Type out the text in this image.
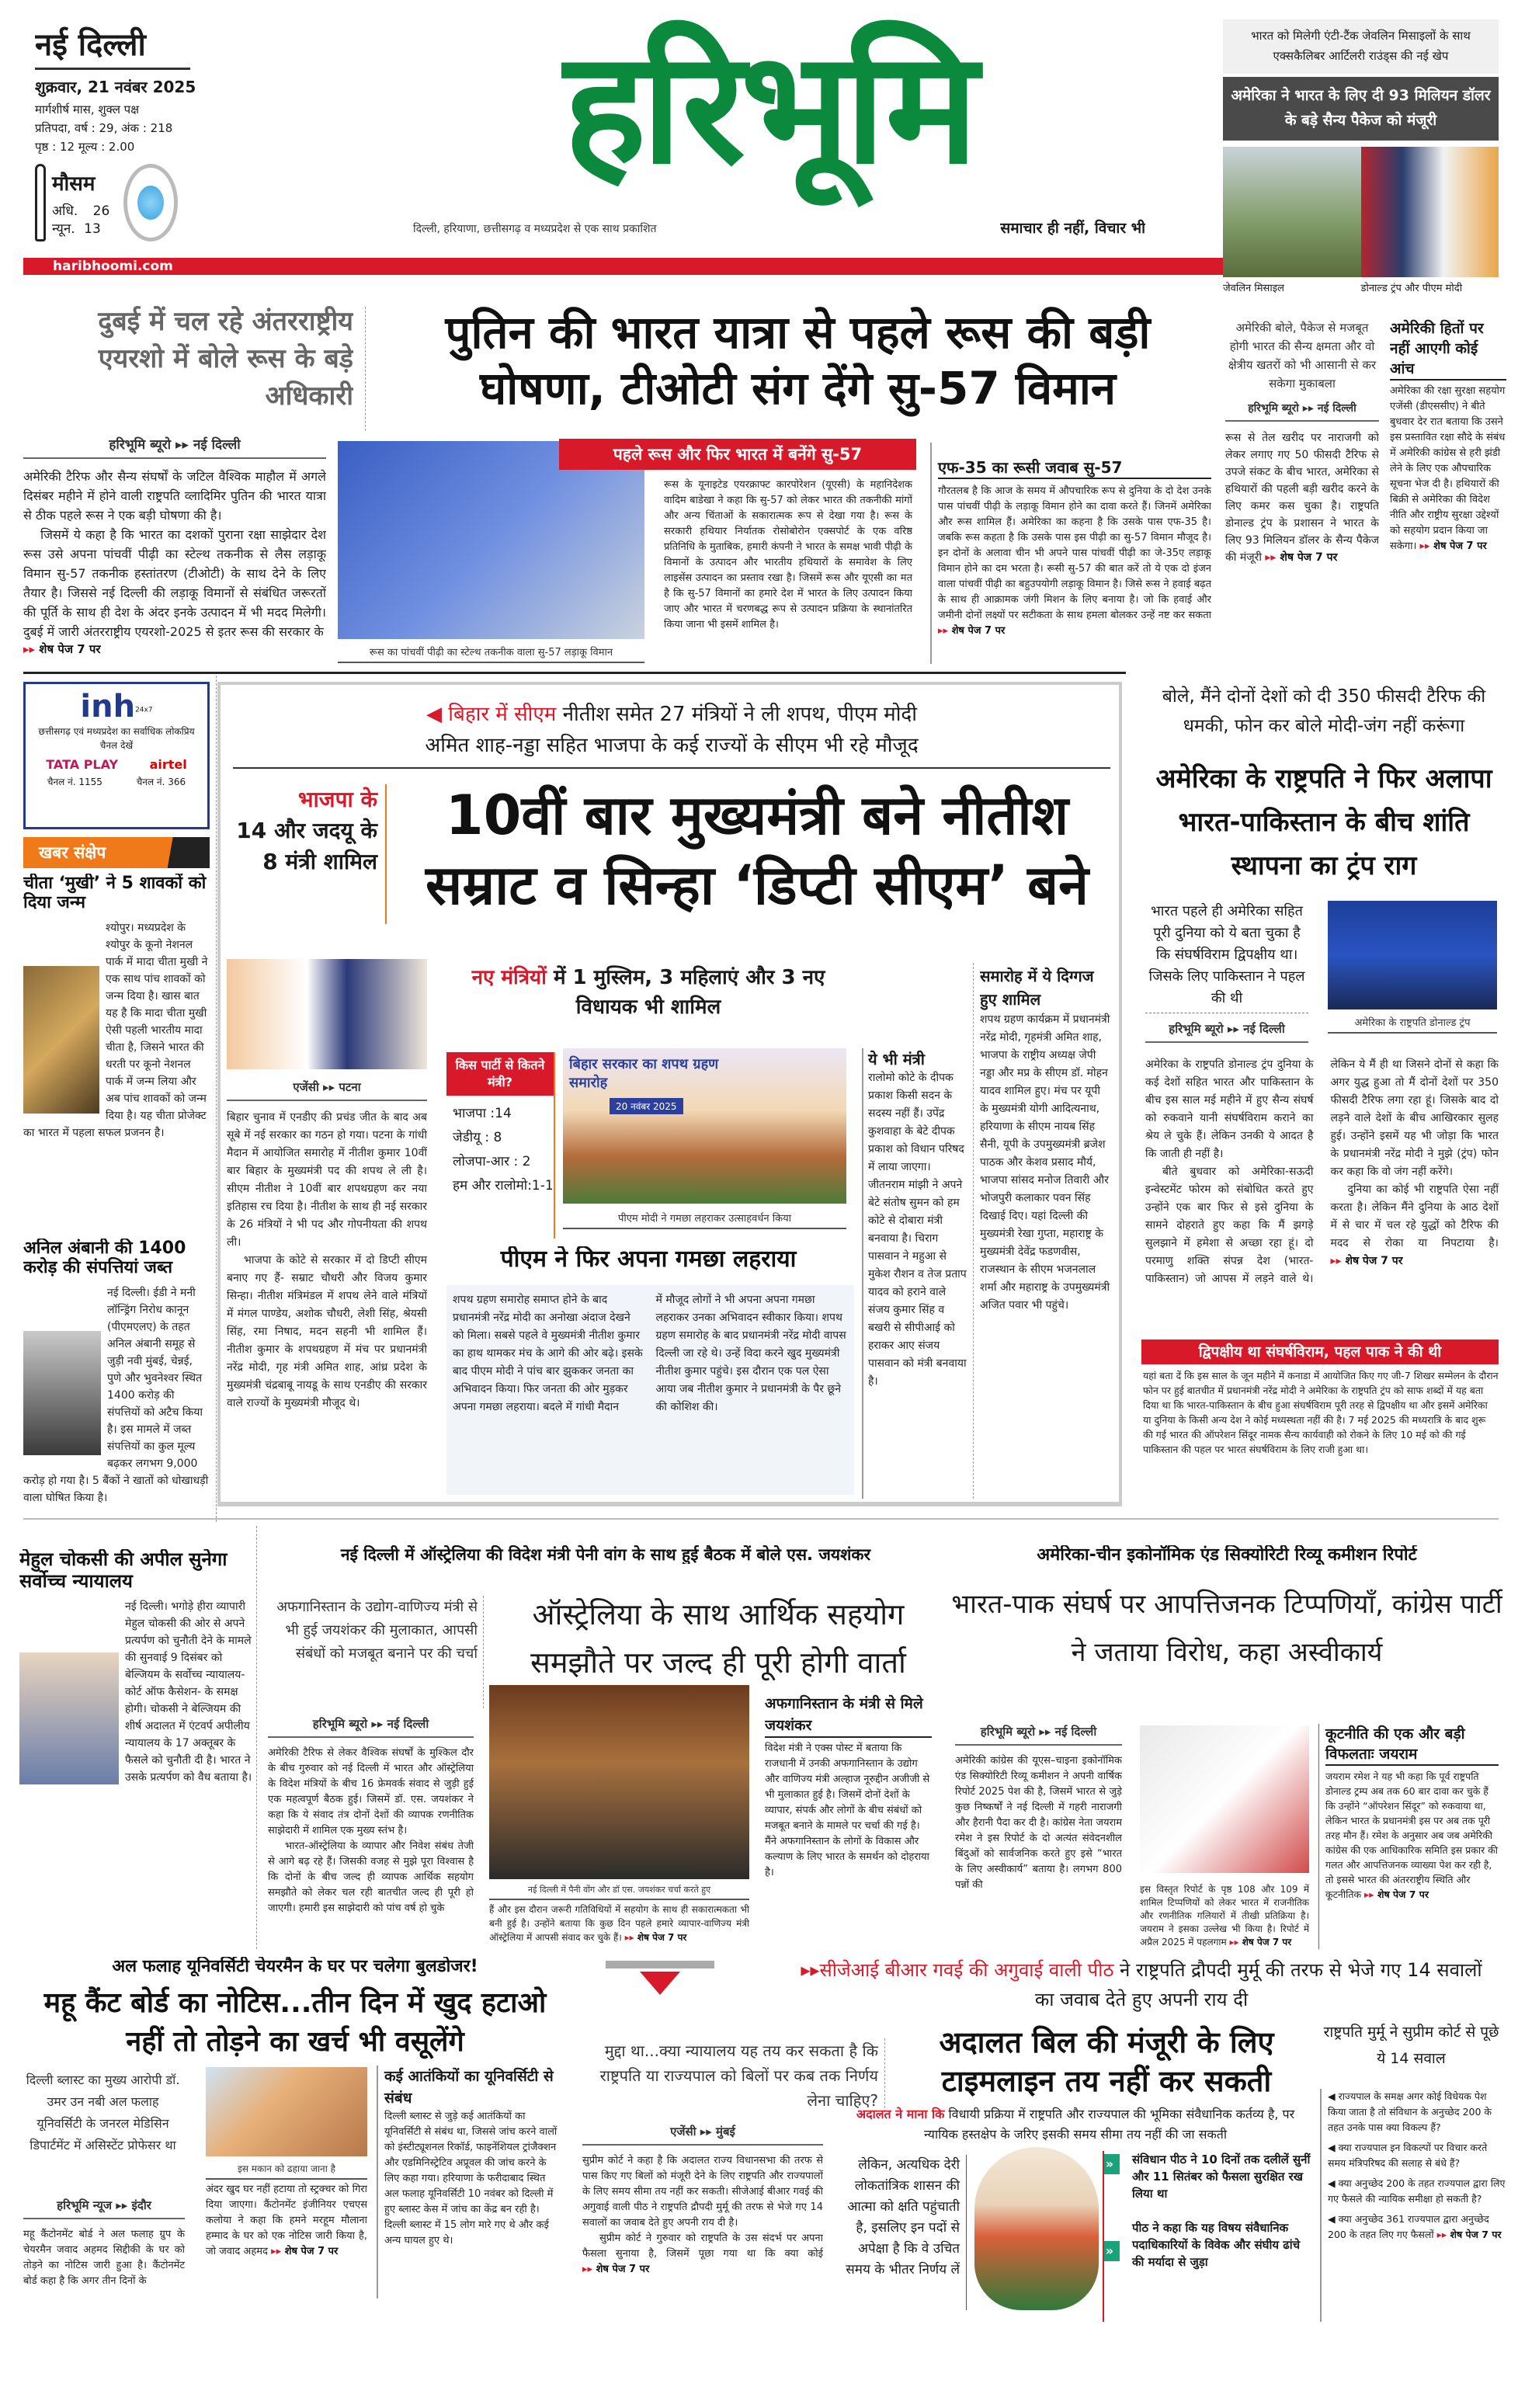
नई दिल्ली
शुक्रवार, 21 नवंबर 2025
मार्गशीर्ष मास, शुक्ल पक्ष
प्रतिपदा, वर्ष : 29, अंक : 218
पृष्ठ : 12 मूल्य : 2.00
मौसम
अधि. 26
न्यून. 13
हरिभूमि
दिल्ली, हरियाणा, छत्तीसगढ़ व मध्यप्रदेश से एक साथ प्रकाशित	समाचार ही नहीं, विचार भी
haribhoomi.com
भारत को मिलेगी एंटी-टैंक जेवलिन मिसाइलों के साथ एक्सकैलिबर आर्टिलरी राउंड्स की नई खेप
अमेरिका ने भारत के लिए दी 93 मिलियन डॉलर के बड़े सैन्य पैकेज को मंजूरी
जेवलिन मिसाइल	डोनाल्ड ट्रंप और पीएम मोदी
दुबई में चल रहे अंतरराष्ट्रीय एयरशो में बोले रूस के बड़े अधिकारी
पुतिन की भारत यात्रा से पहले रूस की बड़ी घोषणा, टीओटी संग देंगे सु-57 विमान
हरिभूमि ब्यूरो ▸▸ नई दिल्ली

अमेरिकी टैरिफ और सैन्य संघर्षों के जटिल वैश्विक माहौल में अगले दिसंबर महीने में होने वाली राष्ट्रपति व्लादिमिर पुतिन की भारत यात्रा से ठीक पहले रूस ने एक बड़ी घोषणा की है।

जिसमें ये कहा है कि भारत का दशकों पुराना रक्षा साझेदार देश रूस उसे अपना पांचवीं पीढ़ी का स्टेल्थ तकनीक से लैस लड़ाकू विमान सु-57 तकनीक हस्तांतरण (टीओटी) के साथ देने के लिए तैयार है। जिससे नई दिल्ली की लड़ाकू विमानों से संबंधित जरूरतों की पूर्ति के साथ ही देश के अंदर इनके उत्पादन में भी मदद मिलेगी। दुबई में जारी अंतरराष्ट्रीय एयरशो-2025 से इतर रूस की सरकार के

▸▸ शेष पेज 7 पर
पहले रूस और फिर भारत में बनेंगे सु-57
रूस का पांचवीं पीढ़ी का स्टेल्थ तकनीक वाला सु-57 लड़ाकू विमान

रूस के यूनाइटेड एयरक्राफ्ट कारपोरेशन (यूएसी) के महानिदेशक वादिम बाडेखा ने कहा कि सु-57 को लेकर भारत की तकनीकी मांगों और अन्य चिंताओं के सकारात्मक रूप से देखा गया है। रूस के सरकारी हथियार निर्यातक रोसोबोरोन एक्सपोर्ट के एक वरिष्ठ प्रतिनिधि के मुताबिक, हमारी कंपनी ने भारत के समक्ष भावी पीढ़ी के विमानों के उत्पादन और भारतीय हथियारों के समावेश के लिए लाइसेंस उत्पादन का प्रस्ताव रखा है। जिसमें रूस और यूएसी का मत है कि सु-57 विमानों का हमारे देश में भारत के लिए उत्पादन किया जाए और भारत में चरणबद्ध रूप से उत्पादन प्रक्रिया के स्थानांतरित किया जाना भी इसमें शामिल है।

एफ-35 का रूसी जवाब सु-57
गौरतलब है कि आज के समय में औपचारिक रूप से दुनिया के दो देश उनके पास पांचवीं पीढ़ी के लड़ाकू विमान होने का दावा करते हैं। जिनमें अमेरिका और रूस शामिल हैं। अमेरिका का कहना है कि उसके पास एफ-35 है। जबकि रूस कहता है कि उसके पास इस पीढ़ी का सु-57 विमान मौजूद है। इन दोनों के अलावा चीन भी अपने पास पांचवीं पीढ़ी का जे-35ए लड़ाकू विमान होने का दम भरता है। रूसी सु-57 की बात करें तो ये एक दो इंजन वाला पांचवीं पीढ़ी का बहुउपयोगी लड़ाकू विमान है। जिसे रूस ने हवाई बढ़त के साथ ही आक्रामक जंगी मिशन के लिए बनाया है। जो कि हवाई और जमीनी दोनों लक्ष्यों पर सटीकता के साथ हमला बोलकर उन्हें नष्ट कर सकता ▸▸ शेष पेज 7 पर
अमेरिकी बोले, पैकेज से मजबूत होगी भारत की सैन्य क्षमता और वो क्षेत्रीय खतरों को भी आसानी से कर सकेगा मुकाबला
हरिभूमि ब्यूरो ▸▸ नई दिल्ली
रूस से तेल खरीद पर नाराजगी को लेकर लगाए गए 50 फीसदी टैरिफ से उपजे संकट के बीच भारत, अमेरिका से हथियारों की पहली बड़ी खरीद करने के लिए कमर कस चुका है। राष्ट्रपति डोनाल्ड ट्रंप के प्रशासन ने भारत के लिए 93 मिलियन डॉलर के सैन्य पैकेज की मंजूरी ▸▸ शेष पेज 7 पर
अमेरिकी हितों पर नहीं आएगी कोई आंच
अमेरिका की रक्षा सुरक्षा सहयोग एजेंसी (डीएससीए) ने बीते बुधवार देर रात बताया कि उसने इस प्रस्तावित रक्षा सौदे के संबंध में अमेरिकी कांग्रेस से हरी झंडी लेने के लिए एक औपचारिक सूचना भेज दी है। हथियारों की बिक्री से अमेरिका की विदेश नीति और राष्ट्रीय सुरक्षा उद्देश्यों को सहयोग प्रदान किया जा सकेगा। ▸▸ शेष पेज 7 पर
inh$^{24x7}$
छत्तीसगढ़ एवं मध्यप्रदेश का सर्वाधिक लोकप्रिय चैनल देखें
TATA PLAY	airtel
चैनल नं. 1155	चैनल नं. 366
खबर संक्षेप
चीता ‘मुखी’ ने 5 शावकों को दिया जन्म
श्योपुर। मध्यप्रदेश के श्योपुर के कूनो नेशनल पार्क में मादा चीता मुखी ने एक साथ पांच शावकों को जन्म दिया है। खास बात यह है कि मादा चीता मुखी ऐसी पहली भारतीय मादा चीता है, जिसने भारत की धरती पर कूनो नेशनल पार्क में जन्म लिया और अब पांच शावकों को जन्म दिया है। यह चीता प्रोजेक्ट का भारत में पहला सफल प्रजनन है।
अनिल अंबानी की 1400 करोड़ की संपत्तियां जब्त
नई दिल्ली। ईडी ने मनी लॉन्ड्रिंग निरोध कानून (पीएमएलए) के तहत अनिल अंबानी समूह से जुड़ी नवी मुंबई, चेन्नई, पुणे और भुवनेश्वर स्थित 1400 करोड़ की संपत्तियों को अटैच किया है। इस मामले में जब्त संपत्तियों का कुल मूल्य बढ़कर लगभग 9,000 करोड़ हो गया है। 5 बैंकों ने खातों को धोखाधड़ी वाला घोषित किया है।
◀ बिहार में सीएम नीतीश समेत 27 मंत्रियों ने ली शपथ, पीएम मोदी
अमित शाह-नड्डा सहित भाजपा के कई राज्यों के सीएम भी रहे मौजूद
भाजपा के
14 और जदयू के 8 मंत्री शामिल
10वीं बार मुख्यमंत्री बने नीतीश सम्राट व सिन्हा ‘डिप्टी सीएम’ बने
एजेंसी ▸▸ पटना

बिहार चुनाव में एनडीए की प्रचंड जीत के बाद अब सूबे में नई सरकार का गठन हो गया। पटना के गांधी मैदान में आयोजित समारोह में नीतीश कुमार 10वीं बार बिहार के मुख्यमंत्री पद की शपथ ले ली है। सीएम नीतीश ने 10वीं बार शपथग्रहण कर नया इतिहास रच दिया है। नीतीश के साथ ही नई सरकार के 26 मंत्रियों ने भी पद और गोपनीयता की शपथ ली।

भाजपा के कोटे से सरकार में दो डिप्टी सीएम बनाए गए हैं- सम्राट चौधरी और विजय कुमार सिन्हा। नीतीश मंत्रिमंडल में शपथ लेने वाले मंत्रियों में मंगल पाण्डेय, अशोक चौधरी, लेशी सिंह, श्रेयसी सिंह, रमा निषाद, मदन सहनी भी शामिल हैं। नीतीश कुमार के शपथग्रहण में मंच पर प्रधानमंत्री नरेंद्र मोदी, गृह मंत्री अमित शाह, आंध्र प्रदेश के मुख्यमंत्री चंद्रबाबू नायडू के साथ एनडीए की सरकार वाले राज्यों के मुख्यमंत्री मौजूद थे।

नए मंत्रियों में 1 मुस्लिम, 3 महिलाएं और 3 नए विधायक भी शामिल
किस पार्टी से कितने मंत्री?
भाजपा :14
जेडीयू : 8
लोजपा-आर : 2
हम और रालोमो:1-1
बिहार सरकार का शपथ ग्रहण समारोह
20 नवंबर 2025
पीएम मोदी ने गमछा लहराकर उत्साहवर्धन किया
पीएम ने फिर अपना गमछा लहराया
शपथ ग्रहण समारोह समाप्त होने के बाद प्रधानमंत्री नरेंद्र मोदी का अनोखा अंदाज देखने को मिला। सबसे पहले वे मुख्यमंत्री नीतीश कुमार का हाथ थामकर मंच के आगे की ओर बढ़े। इसके बाद पीएम मोदी ने पांच बार झुककर जनता का अभिवादन किया। फिर जनता की ओर मुड़कर अपना गमछा लहराया। बदले में गांधी मैदान
में मौजूद लोगों ने भी अपना अपना गमछा लहराकर उनका अभिवादन स्वीकार किया। शपथ ग्रहण समारोह के बाद प्रधानमंत्री नरेंद्र मोदी वापस दिल्ली जा रहे थे। उन्हें विदा करने खुद मुख्यमंत्री नीतीश कुमार पहुंचे। इस दौरान एक पल ऐसा आया जब नीतीश कुमार ने प्रधानमंत्री के पैर छूने की कोशिश की।
ये भी मंत्री
रालोमो कोटे के दीपक प्रकाश किसी सदन के सदस्य नहीं हैं। उपेंद्र कुशवाहा के बेटे दीपक प्रकाश को विधान परिषद में लाया जाएगा। जीतनराम मांझी ने अपने बेटे संतोष सुमन को हम कोटे से दोबारा मंत्री बनवाया है। चिराग पासवान ने महुआ से मुकेश रौशन व तेज प्रताप यादव को हराने वाले संजय कुमार सिंह व बखरी से सीपीआई को हराकर आए संजय पासवान को मंत्री बनवाया है।
समारोह में ये दिग्गज हुए शामिल
शपथ ग्रहण कार्यक्रम में प्रधानमंत्री नरेंद्र मोदी, गृहमंत्री अमित शाह, भाजपा के राष्ट्रीय अध्यक्ष जेपी नड्डा और मप्र के सीएम डॉ. मोहन यादव शामिल हुए। मंच पर यूपी के मुख्यमंत्री योगी आदित्यनाथ, हरियाणा के सीएम नायब सिंह सैनी, यूपी के उपमुख्यमंत्री ब्रजेश पाठक और केशव प्रसाद मौर्य, भाजपा सांसद मनोज तिवारी और भोजपुरी कलाकार पवन सिंह दिखाई दिए। यहां दिल्ली की मुख्यमंत्री रेखा गुप्ता, महाराष्ट्र के मुख्यमंत्री देवेंद्र फडणवीस, राजस्थान के सीएम भजनलाल शर्मा और महाराष्ट्र के उपमुख्यमंत्री अजित पवार भी पहुंचे।
बोले, मैंने दोनों देशों को दी 350 फीसदी टैरिफ की धमकी, फोन कर बोले मोदी-जंग नहीं करूंगा
अमेरिका के राष्ट्रपति ने फिर अलापा भारत-पाकिस्तान के बीच शांति स्थापना का ट्रंप राग
भारत पहले ही अमेरिका सहित पूरी दुनिया को ये बता चुका है कि संघर्षविराम द्विपक्षीय था। जिसके लिए पाकिस्तान ने पहल की थी
अमेरिका के राष्ट्रपति डोनाल्ड ट्रंप
हरिभूमि ब्यूरो ▸▸ नई दिल्ली

अमेरिका के राष्ट्रपति डोनाल्ड ट्रंप दुनिया के कई देशों सहित भारत और पाकिस्तान के बीच इस साल मई महीने में हुए सैन्य संघर्ष को रुकवाने यानी संघर्षविराम कराने का श्रेय ले चुके हैं। लेकिन उनकी ये आदत है कि जाती ही नहीं है।

बीते बुधवार को अमेरिका-सऊदी इन्वेस्टमेंट फोरम को संबोधित करते हुए उन्होंने एक बार फिर से इसे दुनिया के सामने दोहराते हुए कहा कि मैं झगड़े सुलझाने में हमेशा से अच्छा रहा हूं। दो परमाणु शक्ति संपन्न देश (भारत-पाकिस्तान) जो आपस में लड़ने वाले थे। लेकिन ये मैं ही था जिसने दोनों से कहा कि अगर युद्ध हुआ तो मैं दोनों देशों पर 350 फीसदी टैरिफ लगा रहा हूं। जिसके बाद दो लड़ने वाले देशों के बीच आखिरकार सुलह हुई। उन्होंने इसमें यह भी जोड़ा कि भारत के प्रधानमंत्री नरेंद्र मोदी ने मुझे (ट्रंप) फोन कर कहा कि वो जंग नहीं करेंगे।

दुनिया का कोई भी राष्ट्रपति ऐसा नहीं करता है। लेकिन मैंने दुनिया के आठ देशों में से चार में चल रहे युद्धों को टैरिफ की मदद से रोका या निपटाया है। ▸▸ शेष पेज 7 पर

द्विपक्षीय था संघर्षविराम, पहल पाक ने की थी
यहां बता दें कि इस साल के जून महीने में कनाडा में आयोजित किए गए जी-7 शिखर सम्मेलन के दौरान फोन पर हुई बातचीत में प्रधानमंत्री नरेंद्र मोदी ने अमेरिका के राष्ट्रपति ट्रंप को साफ शब्दों में यह बता दिया था कि भारत-पाकिस्तान के बीच हुआ संघर्षविराम पूरी तरह से द्विपक्षीय था और इसमें अमेरिका या दुनिया के किसी अन्य देश ने कोई मध्यस्थता नहीं की है। 7 मई 2025 की मध्यरात्रि के बाद शुरू की गई भारत की ऑपरेशन सिंदूर नामक सैन्य कार्यवाही को रोकने के लिए 10 मई को की गई पाकिस्तान की पहल पर भारत संघर्षविराम के लिए राजी हुआ था।
मेहुल चोकसी की अपील सुनेगा सर्वोच्च न्यायालय
नई दिल्ली। भगोड़े हीरा व्यापारी मेहुल चोकसी की ओर से अपने प्रत्यर्पण को चुनौती देने के मामले की सुनवाई 9 दिसंबर को बेल्जियम के सर्वोच्च न्यायालय- कोर्ट ऑफ कैसेशन- के समक्ष होगी। चोकसी ने बेल्जियम की शीर्ष अदालत में एंटवर्प अपीलीय न्यायालय के 17 अक्तूबर के फैसले को चुनौती दी है। भारत ने उसके प्रत्यर्पण को वैध बताया है।
नई दिल्ली में ऑस्ट्रेलिया की विदेश मंत्री पेनी वांग के साथ हुई बैठक में बोले एस. जयशंकर
अफगानिस्तान के उद्योग-वाणिज्य मंत्री से भी हुई जयशंकर की मुलाकात, आपसी संबंधों को मजबूत बनाने पर की चर्चा
ऑस्ट्रेलिया के साथ आर्थिक सहयोग समझौते पर जल्द ही पूरी होगी वार्ता
हरिभूमि ब्यूरो ▸▸ नई दिल्ली

अमेरिकी टैरिफ से लेकर वैश्विक संघर्षों के मुश्किल दौर के बीच गुरुवार को नई दिल्ली में भारत और ऑस्ट्रेलिया के विदेश मंत्रियों के बीच 16 फ्रेमवर्क संवाद से जुड़ी हुई एक महत्वपूर्ण बैठक हुई। जिसमें डॉ. एस. जयशंकर ने कहा कि ये संवाद तंत्र दोनों देशों की व्यापक रणनीतिक साझेदारी में शामिल एक मुख्य स्तंभ है।

भारत-ऑस्ट्रेलिया के व्यापार और निवेश संबंध तेजी से आगे बढ़ रहे हैं। जिसकी वजह से मुझे पूरा विश्वास है कि दोनों के बीच जल्द ही व्यापक आर्थिक सहयोग समझौते को लेकर चल रही बातचीत जल्द ही पूरी हो जाएगी। हमारी इस साझेदारी को पांच वर्ष हो चुके

नई दिल्ली में पैनी वोंग और डॉ एस. जयशंकर चर्चा करते हुए
हैं और इस दौरान जरूरी गतिविधियों में सहयोग के साथ ही सकारात्मकता भी बनी हुई है। उन्होंने बताया कि कुछ दिन पहले हमारे व्यापार-वाणिज्य मंत्री ऑस्ट्रेलिया में आपसी संवाद कर चुके हैं। ▸▸ शेष पेज 7 पर
अफगानिस्तान के मंत्री से मिले जयशंकर
विदेश मंत्री ने एक्स पोस्ट में बताया कि राजधानी में उनकी अफगानिस्तान के उद्योग और वाणिज्य मंत्री अल्हाज नूरुद्दीन अजीजी से भी मुलाकात हुई है। जिसमें दोनों देशों के व्यापार, संपर्क और लोगों के बीच संबंधों को मजबूत बनाने के मामले पर चर्चा की गई है। मैंने अफगानिस्तान के लोगों के विकास और कल्याण के लिए भारत के समर्थन को दोहराया है।
अमेरिका-चीन इकोनॉमिक एंड सिक्योरिटी रिव्यू कमीशन रिपोर्ट
भारत-पाक संघर्ष पर आपत्तिजनक टिप्पणियाँ, कांग्रेस पार्टी ने जताया विरोध, कहा अस्वीकार्य
हरिभूमि ब्यूरो ▸▸ नई दिल्ली
अमेरिकी कांग्रेस की यूएस–चाइना इकोनॉमिक एंड सिक्योरिटी रिव्यू कमीशन ने अपनी वार्षिक रिपोर्ट 2025 पेश की है, जिसमें भारत से जुड़े कुछ निष्कर्षों ने नई दिल्ली में गहरी नाराजगी और हैरानी पैदा कर दी है। कांग्रेस नेता जयराम रमेश ने इस रिपोर्ट के दो अत्यंत संवेदनशील बिंदुओं को सार्वजनिक करते हुए इसे “भारत के लिए अस्वीकार्य” बताया है। लगभग 800 पन्नों की	इस विस्तृत रिपोर्ट के पृष्ठ 108 और 109 में शामिल टिप्पणियों को लेकर भारत में राजनीतिक और रणनीतिक गलियारों में तीखी प्रतिक्रिया है। जयराम ने इसका उल्लेख भी किया है। रिपोर्ट में अप्रैल 2025 में पहलगाम ▸▸ शेष पेज 7 पर
कूटनीति की एक और बड़ी विफलताः जयराम
जयराम रमेश ने यह भी कहा कि पूर्व राष्ट्रपति डोनाल्ड ट्रम्प अब तक 60 बार दावा कर चुके हैं कि उन्होंने “ऑपरेशन सिंदूर” को रुकवाया था, लेकिन भारत के प्रधानमंत्री इस पर अब तक पूरी तरह मौन हैं। रमेश के अनुसार अब जब अमेरिकी कांग्रेस की एक आधिकारिक समिति इस प्रकार की गलत और आपत्तिजनक व्याख्या पेश कर रही है, तो इससे भारत की अंतरराष्ट्रीय स्थिति और कूटनीतिक ▸▸ शेष पेज 7 पर
अल फलाह यूनिवर्सिटी चेयरमैन के घर पर चलेगा बुलडोजर!
महू कैंट बोर्ड का नोटिस...तीन दिन में खुद हटाओ नहीं तो तोड़ने का खर्च भी वसूलेंगे
दिल्ली ब्लास्ट का मुख्य आरोपी डॉ. उमर उन नबी अल फलाह यूनिवर्सिटी के जनरल मेडिसिन डिपार्टमेंट में असिस्टेंट प्रोफेसर था
हरिभूमि न्यूज ▸▸ इंदौर
महू कैंटोनमेंट बोर्ड ने अल फलाह ग्रुप के चेयरमैन जवाद अहमद सिद्दीकी के घर को तोड़ने का नोटिस जारी हुआ है। कैंटोनमेंट बोर्ड कहा है कि अगर तीन दिनों के
इस मकान को ढहाया जाना है
अंदर खुद घर नहीं हटाया तो स्ट्रक्चर को गिरा दिया जाएगा। कैंटोनमेंट इंजीनियर एचएस कलोया ने कहा कि हमने मरहूम मौलाना हम्माद के घर को एक नोटिस जारी किया है, जो जवाद अहमद ▸▸ शेष पेज 7 पर
कई आतंकियों का यूनिवर्सिटी से संबंध
दिल्ली ब्लास्ट से जुड़े कई आतंकियों का यूनिवर्सिटी से संबंध था, जिससे जांच करने वालों को इंस्टीट्यूशनल रिकॉर्ड, फाइनेंशियल ट्रांजैक्शन और एडमिनिस्ट्रेटिव अप्रूवल की जांच करने के लिए कहा गया। हरियाणा के फरीदाबाद स्थित अल फलाह यूनिवर्सिटी 10 नवंबर को दिल्ली में हुए ब्लास्ट केस में जांच का केंद्र बन रही है। दिल्ली ब्लास्ट में 15 लोग मारे गए थे और कई अन्य घायल हुए थे।
▸▸सीजेआई बीआर गवई की अगुवाई वाली पीठ ने राष्ट्रपति द्रौपदी मुर्मू की तरफ से भेजे गए 14 सवालों का जवाब देते हुए अपनी राय दी
मुद्दा था...क्या न्यायालय यह तय कर सकता है कि राष्ट्रपति या राज्यपाल को बिलों पर कब तक निर्णय लेना चाहिए?
एजेंसी ▸▸ मुंबई

सुप्रीम कोर्ट ने कहा है कि अदालत राज्य विधानसभा की तरफ से पास किए गए बिलों को मंजूरी देने के लिए राष्ट्रपति और राज्यपालों के लिए समय सीमा तय नहीं कर सकती। सीजेआई बीआर गवई की अगुवाई वाली पीठ ने राष्ट्रपति द्रौपदी मुर्मू की तरफ से भेजे गए 14 सवालों का जवाब देते हुए अपनी राय दी है।

सुप्रीम कोर्ट ने गुरुवार को राष्ट्रपति के उस संदर्भ पर अपना फैसला सुनाया है, जिसमें पूछा गया था कि क्या कोई ▸▸ शेष पेज 7 पर

अदालत बिल की मंजूरी के लिए टाइमलाइन तय नहीं कर सकती
अदालत ने माना कि विधायी प्रक्रिया में राष्ट्रपति और राज्यपाल की भूमिका संवैधानिक कर्तव्य है, पर न्यायिक हस्तक्षेप के जरिए इसकी समय सीमा तय नहीं की जा सकती
लेकिन, अत्यधिक देरी लोकतांत्रिक शासन की आत्मा को क्षति पहुंचाती है, इसलिए इन पदों से अपेक्षा है कि वे उचित समय के भीतर निर्णय लें
»	संविधान पीठ ने 10 दिनों तक दलीलें सुनीं और 11 सितंबर को फैसला सुरक्षित रख लिया था
»
पीठ ने कहा कि यह विषय संवैधानिक पदाधिकारियों के विवेक और संघीय ढांचे की मर्यादा से जुड़ा
राष्ट्रपति मुर्मू ने सुप्रीम कोर्ट से पूछे ये 14 सवाल
◀ राज्यपाल के समक्ष अगर कोई विधेयक पेश किया जाता है तो संविधान के अनुच्छेद 200 के तहत उनके पास क्या विकल्प हैं?
◀ क्या राज्यपाल इन विकल्पों पर विचार करते समय मंत्रिपरिषद की सलाह से बंधे हैं?
◀ क्या अनुच्छेद 200 के तहत राज्यपाल द्वारा लिए गए फैसले की न्यायिक समीक्षा हो सकती है?
◀ क्या अनुच्छेद 361 राज्यपाल द्वारा अनुच्छेद 200 के तहत लिए गए फैसलों ▸▸ शेष पेज 7 पर
